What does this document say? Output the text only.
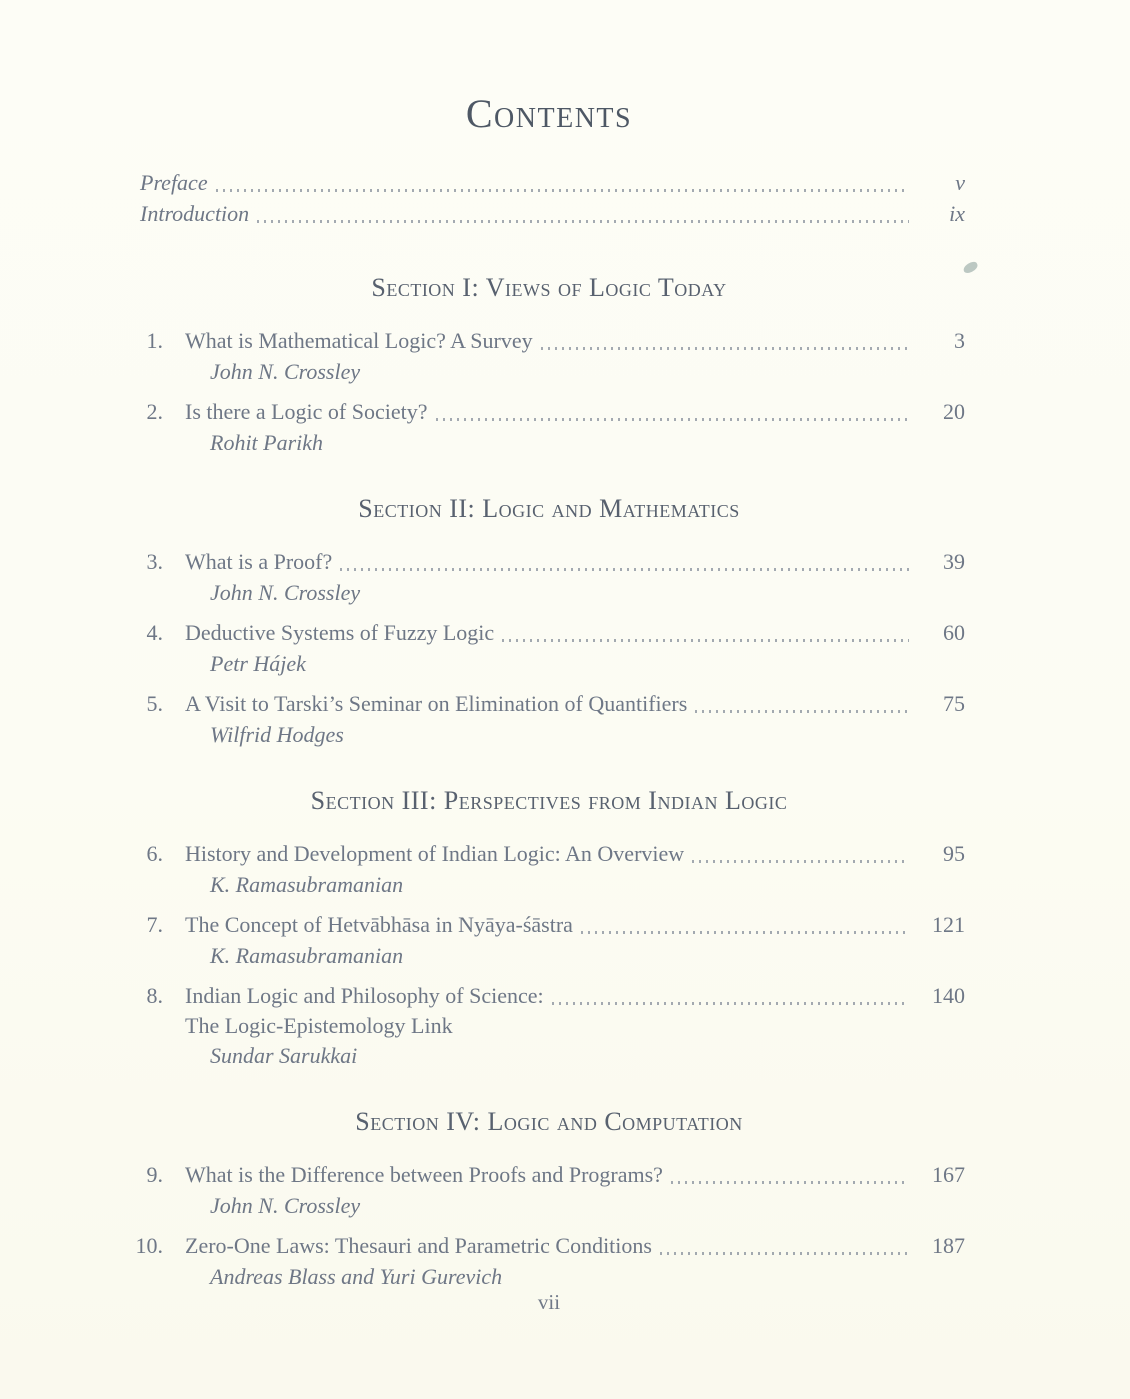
Contents
Preface	v
Introduction	ix
Section I: Views of Logic Today
1. What is Mathematical Logic? A Survey	3
John N. Crossley
2. Is there a Logic of Society?	20
Rohit Parikh
Section II: Logic and Mathematics
3. What is a Proof?	39
John N. Crossley
4. Deductive Systems of Fuzzy Logic	60
Petr Hájek
5. A Visit to Tarski’s Seminar on Elimination of Quantifiers	75
Wilfrid Hodges
Section III: Perspectives from Indian Logic
6. History and Development of Indian Logic: An Overview	95
K. Ramasubramanian
7. The Concept of Hetvābhāsa in Nyāya-śāstra	121
K. Ramasubramanian
8. Indian Logic and Philosophy of Science:	140
The Logic-Epistemology Link
Sundar Sarukkai
Section IV: Logic and Computation
9. What is the Difference between Proofs and Programs?	167
John N. Crossley
10. Zero-One Laws: Thesauri and Parametric Conditions	187
Andreas Blass and Yuri Gurevich
vii
